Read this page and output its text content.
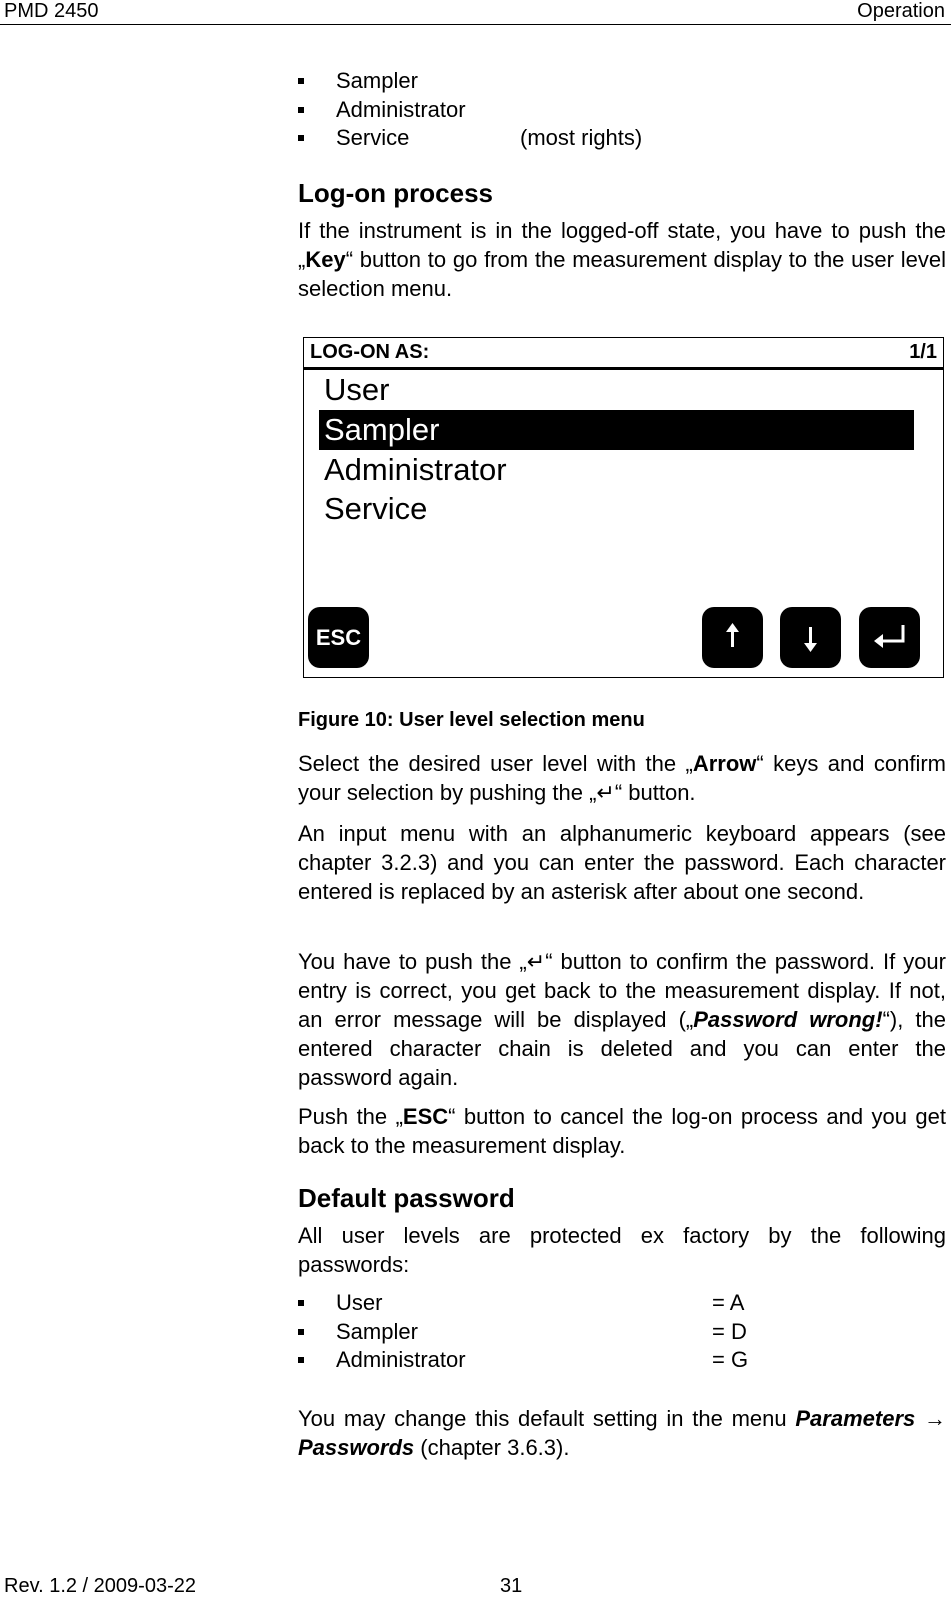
PMD 2450	Operation
Sampler
Administrator
Service	(most rights)
Log-on process

If the instrument is in the logged-off state, you have to push the „Key“ button to go from the measurement display to the user level selection menu.

LOG-ON AS:	1/1
User
Sampler
Administrator
Service
ESC
Figure 10: User level selection menu

Select the desired user level with the „Arrow“ keys and confirm your selection by pushing the „↵“ button.

An input menu with an alphanumeric keyboard appears (see chapter 3.2.3) and you can enter the password. Each character entered is replaced by an asterisk after about one second.

You have to push the „↵“ button to confirm the password. If your entry is correct, you get back to the measurement display. If not, an error message will be displayed („Password wrong!“), the entered character chain is deleted and you can enter the password again.

Push the „ESC“ button to cancel the log-on process and you get back to the measurement display.

Default password

All user levels are protected ex factory by the following passwords:

User	= A
Sampler	= D
Administrator	= G

You may change this default setting in the menu Parameters → Passwords (chapter 3.6.3).

Rev. 1.2 / 2009-03-22	31
